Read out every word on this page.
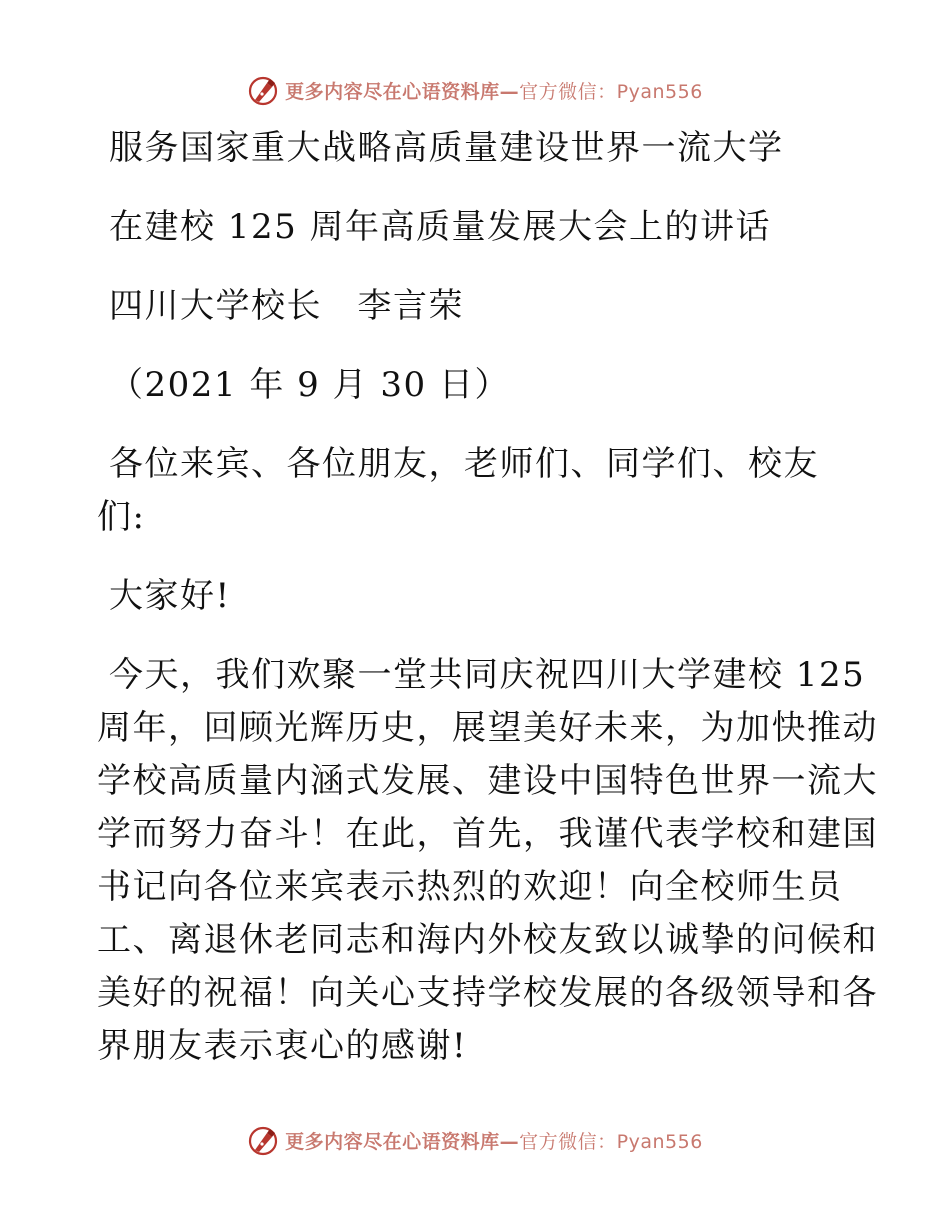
更多内容尽在心语资料库—官方微信：Pyan556

服务国家重大战略高质量建设世界一流大学

在建校 125 周年高质量发展大会上的讲话

四川大学校长　李言荣

（2021 年 9 月 30 日）

各位来宾、各位朋友，老师们、同学们、校友

们:

大家好!

今天，我们欢聚一堂共同庆祝四川大学建校 125

周年，回顾光辉历史，展望美好未来，为加快推动

学校高质量内涵式发展、建设中国特色世界一流大

学而努力奋斗！在此，首先，我谨代表学校和建国

书记向各位来宾表示热烈的欢迎！向全校师生员

工、离退休老同志和海内外校友致以诚挚的问候和

美好的祝福！向关心支持学校发展的各级领导和各

界朋友表示衷心的感谢!

更多内容尽在心语资料库—官方微信：Pyan556
